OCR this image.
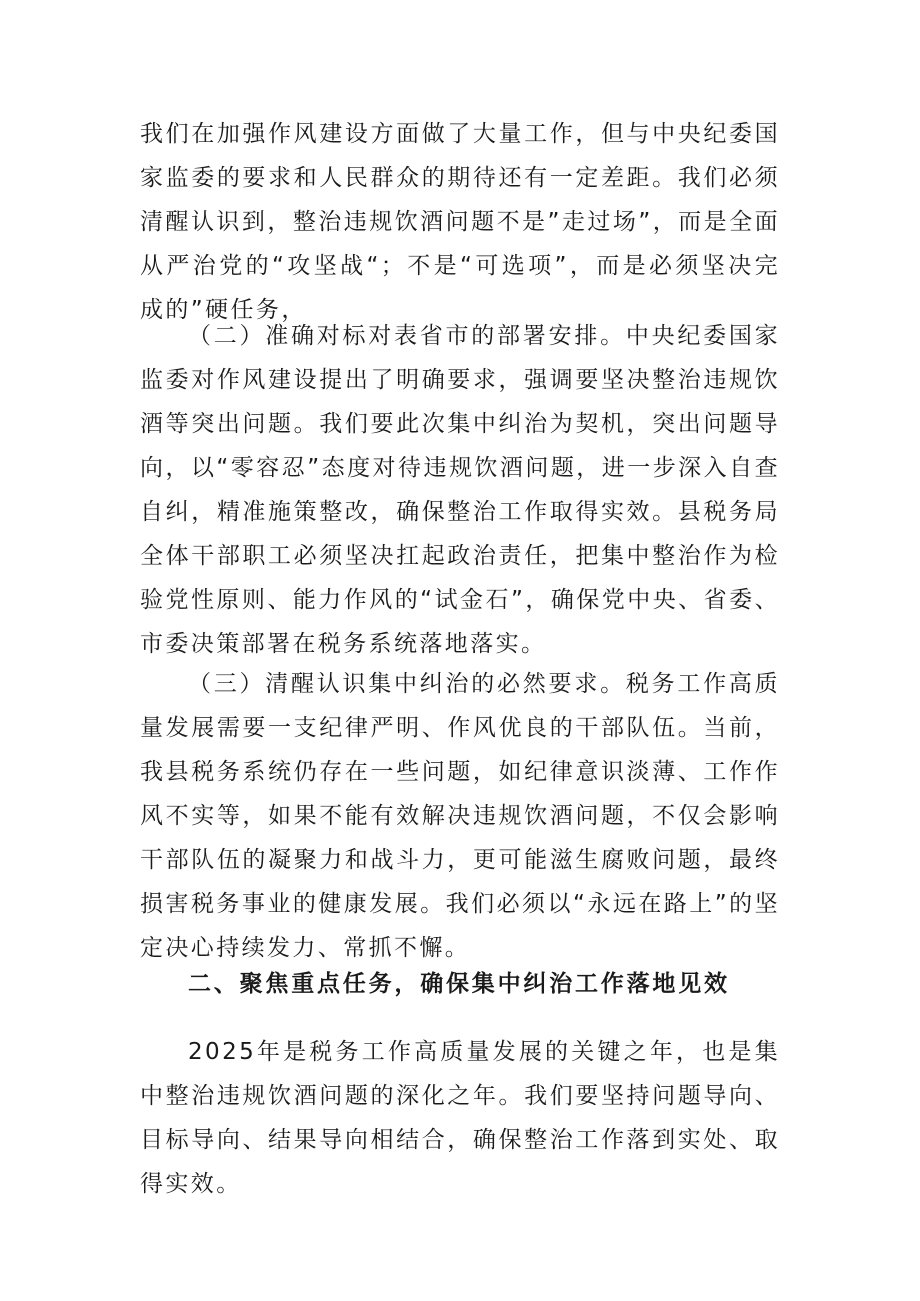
我们在加强作风建设方面做了大量工作，但与中央纪委国家监委的要求和人民群众的期待还有一定差距。我们必须清醒认识到，整治违规饮酒问题不是”走过场”，而是全面从严治党的“攻坚战“；不是“可选项”，而是必须坚决完成的”硬任务，

（二）准确对标对表省市的部署安排。中央纪委国家监委对作风建设提出了明确要求，强调要坚决整治违规饮酒等突出问题。我们要此次集中纠治为契机，突出问题导向，以“零容忍”态度对待违规饮酒问题，进一步深入自查自纠，精准施策整改，确保整治工作取得实效。县税务局全体干部职工必须坚决扛起政治责任，把集中整治作为检验党性原则、能力作风的“试金石”，确保党中央、省委、市委决策部署在税务系统落地落实。

（三）清醒认识集中纠治的必然要求。税务工作高质量发展需要一支纪律严明、作风优良的干部队伍。当前，我县税务系统仍存在一些问题，如纪律意识淡薄、工作作风不实等，如果不能有效解决违规饮酒问题，不仅会影响干部队伍的凝聚力和战斗力，更可能滋生腐败问题，最终损害税务事业的健康发展。我们必须以“永远在路上”的坚定决心持续发力、常抓不懈。

二、聚焦重点任务，确保集中纠治工作落地见效

2025年是税务工作高质量发展的关键之年，也是集中整治违规饮酒问题的深化之年。我们要坚持问题导向、目标导向、结果导向相结合，确保整治工作落到实处、取得实效。
